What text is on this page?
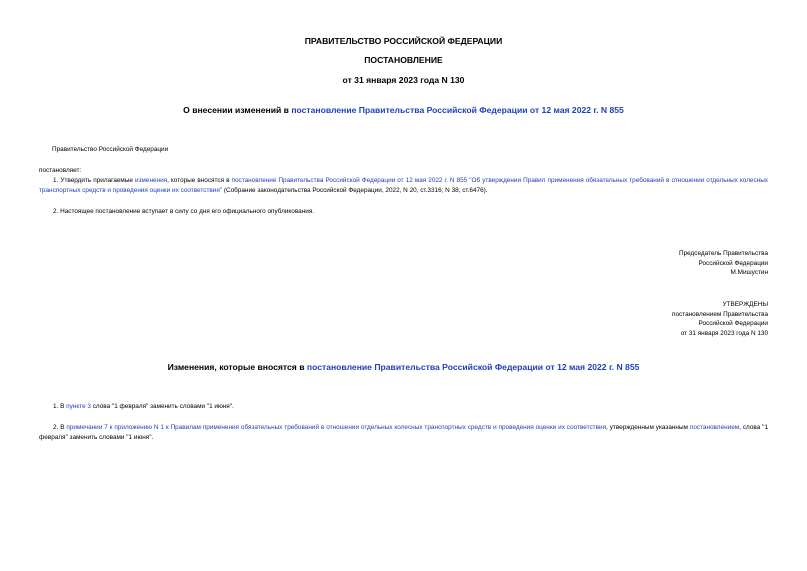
ПРАВИТЕЛЬСТВО РОССИЙСКОЙ ФЕДЕРАЦИИ
ПОСТАНОВЛЕНИЕ
от 31 января 2023 года N 130
О внесении изменений в постановление Правительства Российской Федерации от 12 мая 2022 г. N 855
Правительство Российской Федерации
постановляет:
1. Утвердить прилагаемые изменения, которые вносятся в постановление Правительства Российской Федерации от 12 мая 2022 г. N 855 "Об утверждении Правил применения обязательных требований в отношении отдельных колесных транспортных средств и проведения оценки их соответствия" (Собрание законодательства Российской Федерации, 2022, N 20, ст.3316; N 38, ст.6476).
2. Настоящее постановление вступает в силу со дня его официального опубликования.
Председатель Правительства
Российской Федерации
М.Мишустин
УТВЕРЖДЕНЫ
постановлением Правительства
Российской Федерации
от 31 января 2023 года N 130
Изменения, которые вносятся в постановление Правительства Российской Федерации от 12 мая 2022 г. N 855
1. В пункте 3 слова "1 февраля" заменить словами "1 июня".
2. В примечании 7 к приложению N 1 к Правилам применения обязательных требований в отношении отдельных колесных транспортных средств и проведения оценки их соответствия, утвержденным указанным постановлением, слова "1 февраля" заменить словами "1 июня".
